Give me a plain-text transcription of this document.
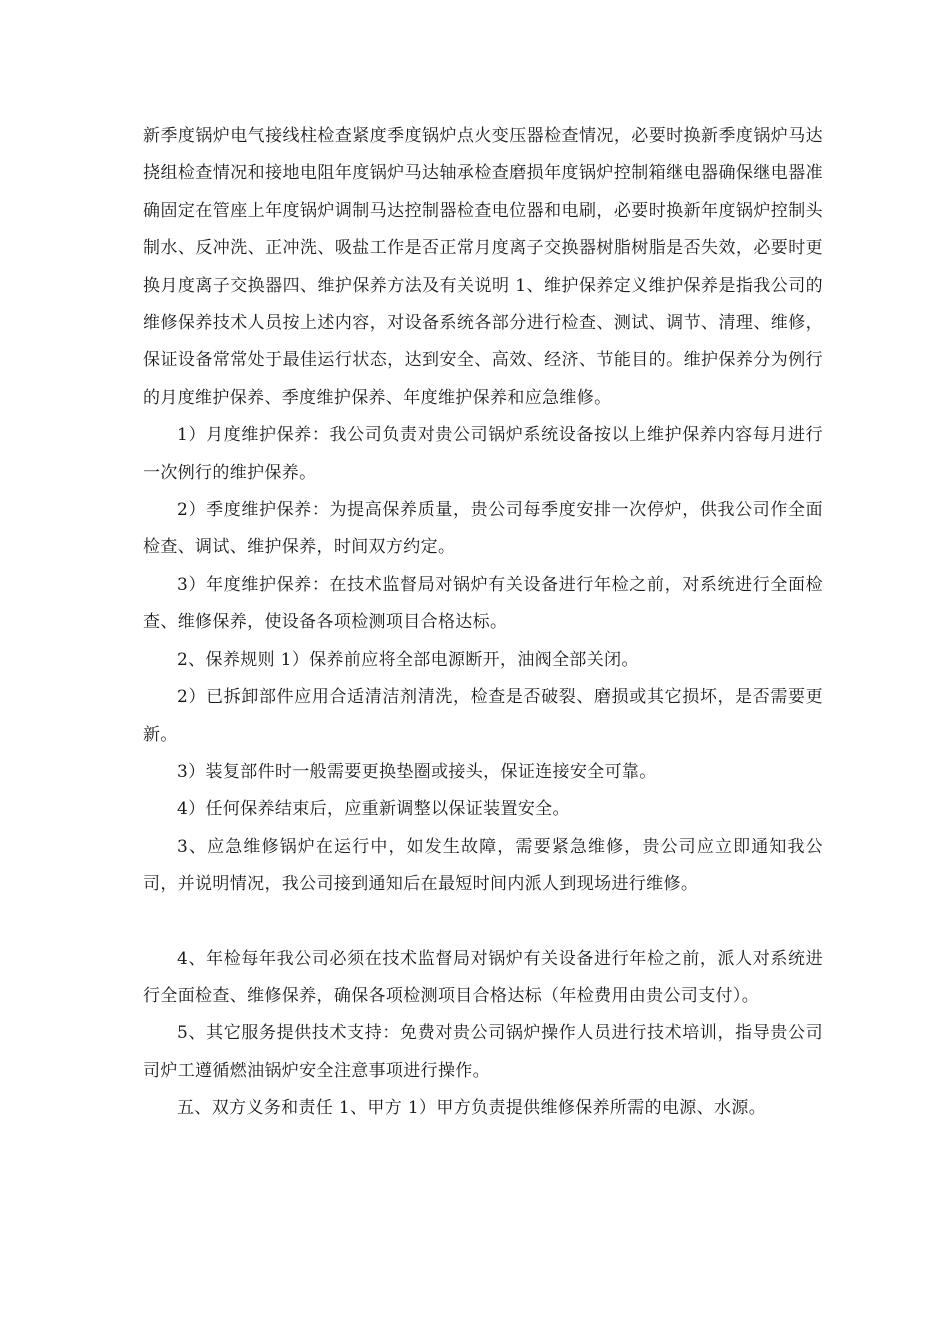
新季度锅炉电气接线柱检查紧度季度锅炉点火变压器检查情况，必要时换新季度锅炉马达挠组检查情况和接地电阻年度锅炉马达轴承检查磨损年度锅炉控制箱继电器确保继电器准确固定在管座上年度锅炉调制马达控制器检查电位器和电刷，必要时换新年度锅炉控制头制水、反冲洗、正冲洗、吸盐工作是否正常月度离子交换器树脂树脂是否失效，必要时更换月度离子交换器四、维护保养方法及有关说明 1、维护保养定义维护保养是指我公司的维修保养技术人员按上述内容，对设备系统各部分进行检查、测试、调节、清理、维修，保证设备常常处于最佳运行状态，达到安全、高效、经济、节能目的。维护保养分为例行的月度维护保养、季度维护保养、年度维护保养和应急维修。

1）月度维护保养：我公司负责对贵公司锅炉系统设备按以上维护保养内容每月进行一次例行的维护保养。

2）季度维护保养：为提高保养质量，贵公司每季度安排一次停炉，供我公司作全面检查、调试、维护保养，时间双方约定。

3）年度维护保养：在技术监督局对锅炉有关设备进行年检之前，对系统进行全面检查、维修保养，使设备各项检测项目合格达标。

2、保养规则 1）保养前应将全部电源断开，油阀全部关闭。

2）已拆卸部件应用合适清洁剂清洗，检查是否破裂、磨损或其它损坏，是否需要更新。

3）装复部件时一般需要更换垫圈或接头，保证连接安全可靠。

4）任何保养结束后，应重新调整以保证装置安全。

3、应急维修锅炉在运行中，如发生故障，需要紧急维修，贵公司应立即通知我公司，并说明情况，我公司接到通知后在最短时间内派人到现场进行维修。

4、年检每年我公司必须在技术监督局对锅炉有关设备进行年检之前，派人对系统进行全面检查、维修保养，确保各项检测项目合格达标（年检费用由贵公司支付）。

5、其它服务提供技术支持：免费对贵公司锅炉操作人员进行技术培训，指导贵公司司炉工遵循燃油锅炉安全注意事项进行操作。

五、双方义务和责任 1、甲方 1）甲方负责提供维修保养所需的电源、水源。
